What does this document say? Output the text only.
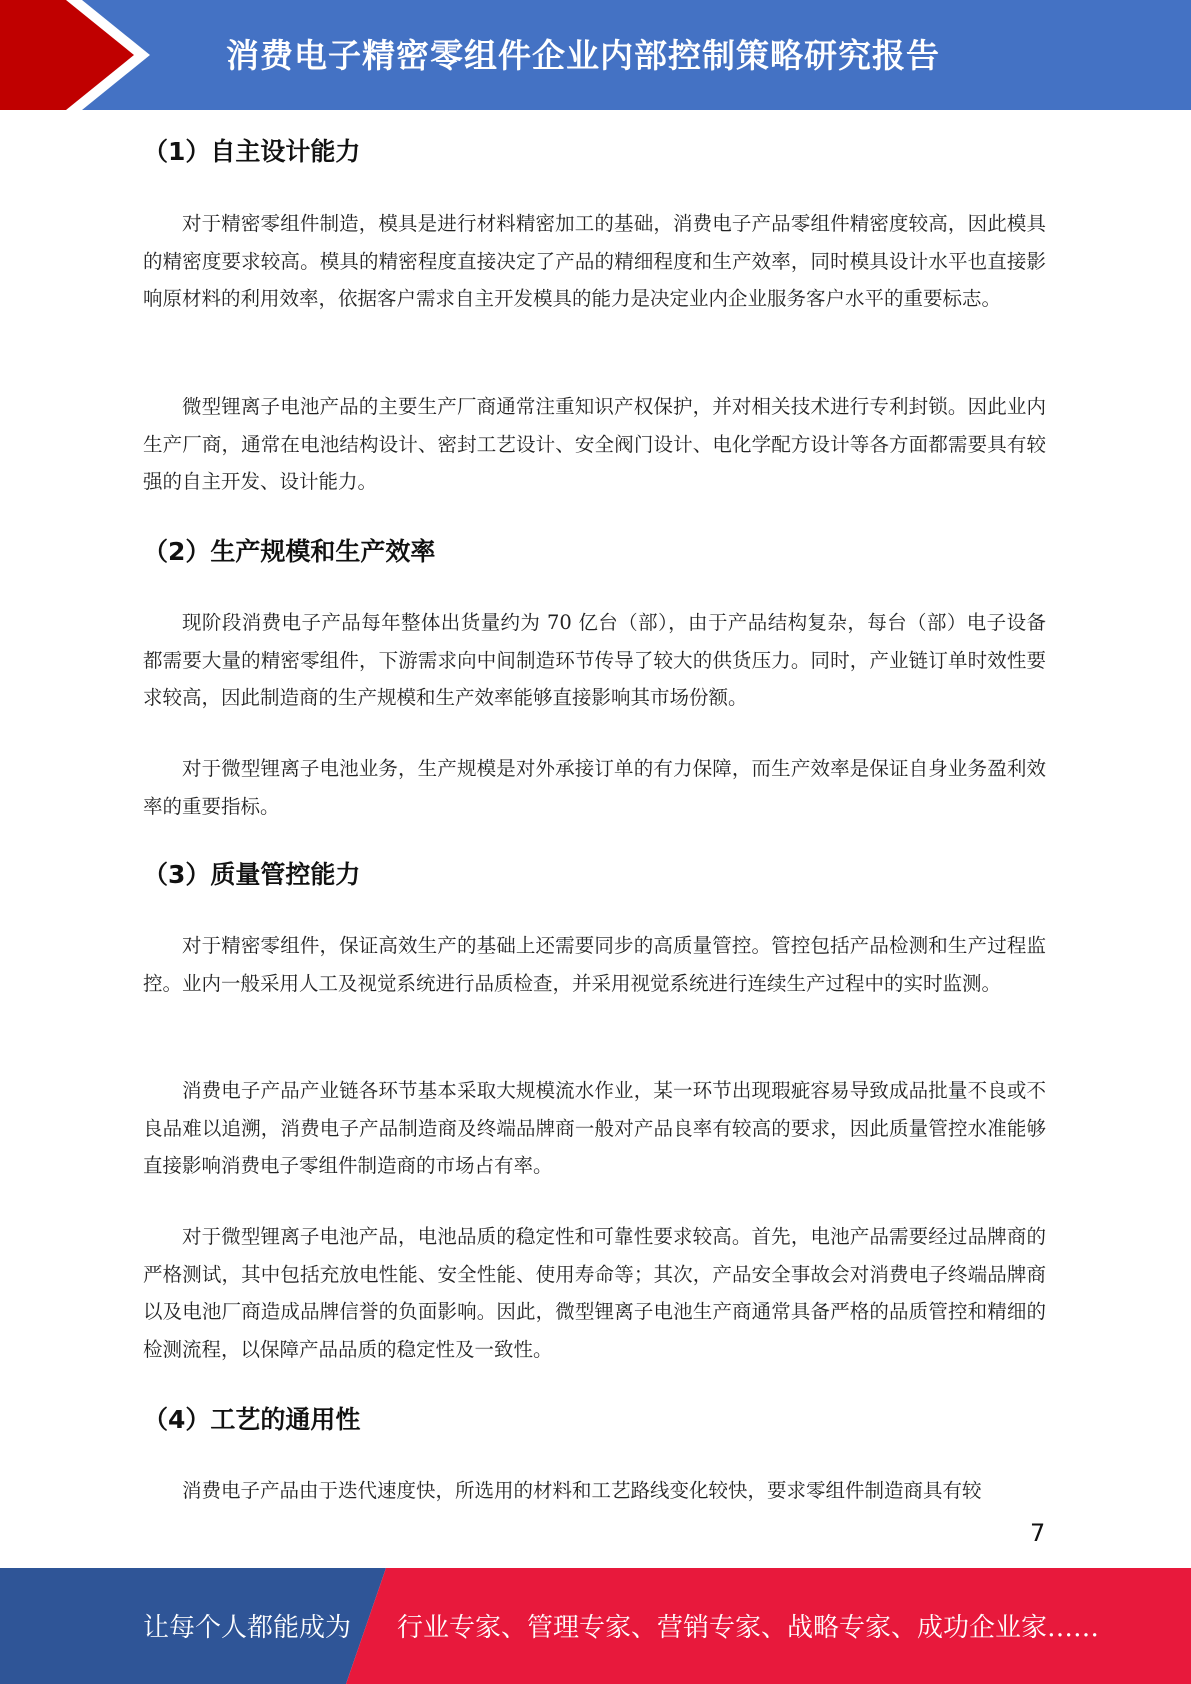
消费电子精密零组件企业内部控制策略研究报告
（1）自主设计能力
对于精密零组件制造，模具是进行材料精密加工的基础，消费电子产品零组件精密度较高，因此模具的精密度要求较高。模具的精密程度直接决定了产品的精细程度和生产效率，同时模具设计水平也直接影响原材料的利用效率，依据客户需求自主开发模具的能力是决定业内企业服务客户水平的重要标志。
微型锂离子电池产品的主要生产厂商通常注重知识产权保护，并对相关技术进行专利封锁。因此业内生产厂商，通常在电池结构设计、密封工艺设计、安全阀门设计、电化学配方设计等各方面都需要具有较强的自主开发、设计能力。
（2）生产规模和生产效率
现阶段消费电子产品每年整体出货量约为 70 亿台（部），由于产品结构复杂，每台（部）电子设备都需要大量的精密零组件，下游需求向中间制造环节传导了较大的供货压力。同时，产业链订单时效性要求较高，因此制造商的生产规模和生产效率能够直接影响其市场份额。
对于微型锂离子电池业务，生产规模是对外承接订单的有力保障，而生产效率是保证自身业务盈利效率的重要指标。
（3）质量管控能力
对于精密零组件，保证高效生产的基础上还需要同步的高质量管控。管控包括产品检测和生产过程监控。业内一般采用人工及视觉系统进行品质检查，并采用视觉系统进行连续生产过程中的实时监测。
消费电子产品产业链各环节基本采取大规模流水作业，某一环节出现瑕疵容易导致成品批量不良或不良品难以追溯，消费电子产品制造商及终端品牌商一般对产品良率有较高的要求，因此质量管控水准能够直接影响消费电子零组件制造商的市场占有率。
对于微型锂离子电池产品，电池品质的稳定性和可靠性要求较高。首先，电池产品需要经过品牌商的严格测试，其中包括充放电性能、安全性能、使用寿命等；其次，产品安全事故会对消费电子终端品牌商以及电池厂商造成品牌信誉的负面影响。因此，微型锂离子电池生产商通常具备严格的品质管控和精细的检测流程，以保障产品品质的稳定性及一致性。
（4）工艺的通用性
消费电子产品由于迭代速度快，所选用的材料和工艺路线变化较快，要求零组件制造商具有较
7
让每个人都能成为 行业专家、管理专家、营销专家、战略专家、成功企业家……
